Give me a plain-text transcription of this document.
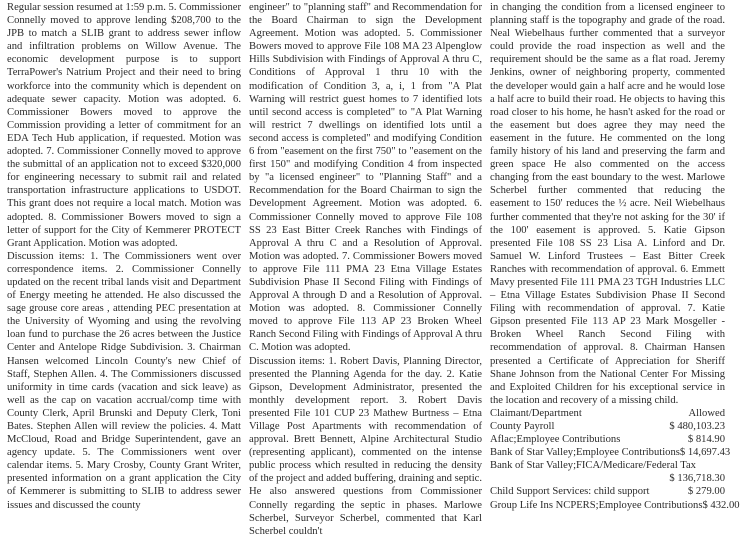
Regular session resumed at 1:59 p.m. 5. Commissioner Connelly moved to approve lending $208,700 to the JPB to match a SLIB grant to address sewer inflow and infiltration problems on Willow Avenue. The economic development purpose is to support TerraPower's Natrium Project and their need to bring workforce into the community which is dependent on adequate sewer capacity. Motion was adopted. 6. Commissioner Bowers moved to approve the Commission providing a letter of commitment for an EDA Tech Hub application, if requested. Motion was adopted. 7. Commissioner Connelly moved to approve the submittal of an application not to exceed $320,000 for engineering necessary to submit rail and related transportation infrastructure applications to USDOT. This grant does not require a local match. Motion was adopted. 8. Commissioner Bowers moved to sign a letter of support for the City of Kemmerer PROTECT Grant Application. Motion was adopted.

Discussion items: 1. The Commissioners went over correspondence items. 2. Commissioner Connelly updated on the recent tribal lands visit and Department of Energy meeting he attended. He also discussed the sage grouse core areas , attending PEC presentation at the University of Wyoming and using the revolving loan fund to purchase the 26 acres between the Justice Center and Antelope Ridge Subdivision. 3. Chairman Hansen welcomed Lincoln County's new Chief of Staff, Stephen Allen. 4. The Commissioners discussed uniformity in time cards (vacation and sick leave) as well as the cap on vacation accrual/comp time with County Clerk, April Brunski and Deputy Clerk, Toni Bates. Stephen Allen will review the policies. 4. Matt McCloud, Road and Bridge Superintendent, gave an agency update. 5. The Commissioners went over calendar items. 5. Mary Crosby, County Grant Writer, presented information on a grant application the City of Kemmerer is submitting to SLIB to address sewer issues and discussed the county

engineer" to "planning staff" and Recommendation for the Board Chairman to sign the Development Agreement. Motion was adopted. 5. Commissioner Bowers moved to approve File 108 MA 23 Alpenglow Hills Subdivision with Findings of Approval A thru C, Conditions of Approval 1 thru 10 with the modification of Condition 3, a, i, 1 from "A Plat Warning will restrict guest homes to 7 identified lots until second access is completed" to "A Plat Warning will restrict 7 dwellings on identified lots until a second access is completed" and modifying Condition 6 from "easement on the first 750" to "easement on the first 150" and modifying Condition 4 from inspected by "a licensed engineer" to "Planning Staff" and a Recommendation for the Board Chairman to sign the Development Agreement. Motion was adopted. 6. Commissioner Connelly moved to approve File 108 SS 23 East Bitter Creek Ranches with Findings of Approval A thru C and a Resolution of Approval. Motion was adopted. 7. Commissioner Bowers moved to approve File 111 PMA 23 Etna Village Estates Subdivision Phase II Second Filing with Findings of Approval A through D and a Resolution of Approval. Motion was adopted. 8. Commissioner Connelly moved to approve File 113 AP 23 Broken Wheel Ranch Second Filing with Findings of Approval A thru C. Motion was adopted.

Discussion items: 1. Robert Davis, Planning Director, presented the Planning Agenda for the day. 2. Katie Gipson, Development Administrator, presented the monthly development report. 3. Robert Davis presented File 101 CUP 23 Mathew Burtness – Etna Village Post Apartments with recommendation of approval. Brett Bennett, Alpine Architectural Studio (representing applicant), commented on the intense public process which resulted in reducing the density of the project and added buffering, draining and septic. He also answered questions from Commissioner Connelly regarding the septic in phases. Marlowe Scherbel, Surveyor Scherbel, commented that Karl Scherbel couldn't

in changing the condition from a licensed engineer to planning staff is the topography and grade of the road. Neal Wiebelhaus further commented that a surveyor could provide the road inspection as well and the requirement should be the same as a flat road. Jeremy Jenkins, owner of neighboring property, commented the developer would gain a half acre and he would lose a half acre to build their road. He objects to having this road closer to his home, he hasn't asked for the road or the easement but does agree they may need the easement in the future. He commented on the long family history of his land and preserving the farm and green space He also commented on the access changing from the east boundary to the west. Marlowe Scherbel further commented that reducing the easement to 150' reduces the ½ acre. Neil Wiebelhaus further commented that they're not asking for the 30' if the 100' easement is approved. 5. Katie Gipson presented File 108 SS 23 Lisa A. Linford and Dr. Samuel W. Linford Trustees – East Bitter Creek Ranches with recommendation of approval. 6. Emmett Mavy presented File 111 PMA 23 TGH Industries LLC – Etna Village Estates Subdivision Phase II Second Filing with recommendation of approval. 7. Katie Gipson presented File 113 AP 23 Mark Mosgeller - Broken Wheel Ranch Second Filing with recommendation of approval. 8. Chairman Hansen presented a Certificate of Appreciation for Sheriff Shane Johnson from the National Center For Missing and Exploited Children for his exceptional service in the location and recovery of a missing child.

Claimant/Department	Allowed
County Payroll	$ 480,103.23
Aflac;Employee Contributions	$ 814.90
Bank of Star Valley;Employee Contributions $ 14,697.43
Bank of Star Valley;FICA/Medicare/Federal Tax
$ 136,718.30
Child Support Services: child support	$ 279.00
Group Life Ins NCPERS;Employee Contributions $ 432.00
